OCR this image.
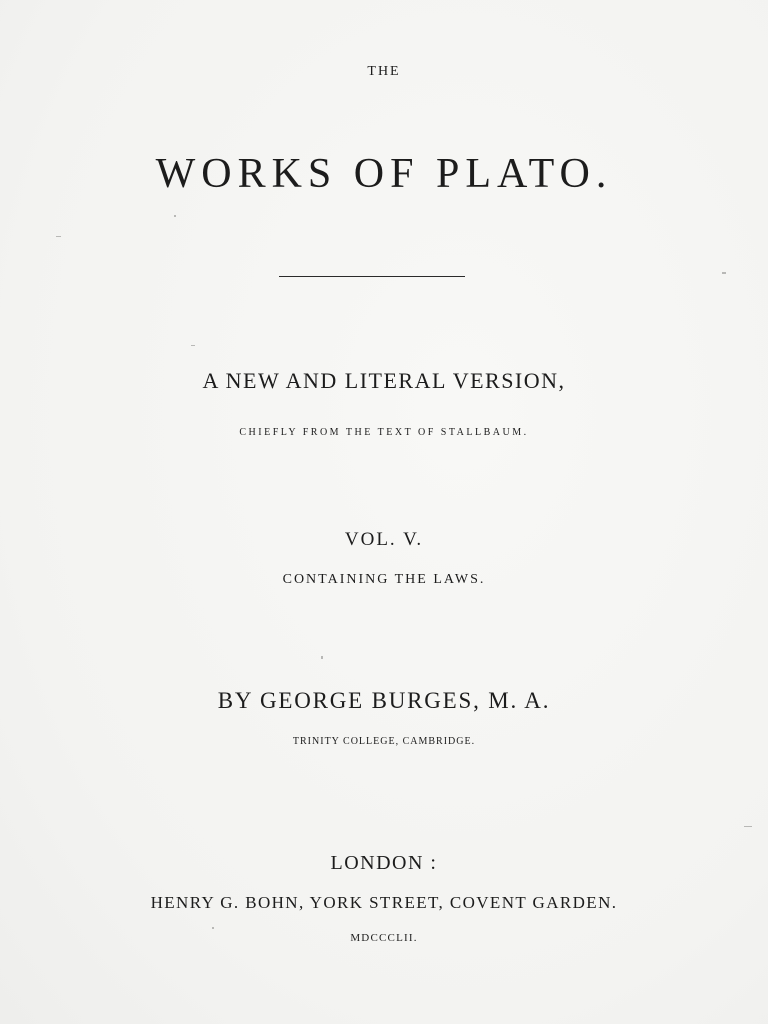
THE
WORKS OF PLATO.
A NEW AND LITERAL VERSION,
CHIEFLY FROM THE TEXT OF STALLBAUM.
VOL. V.
CONTAINING THE LAWS.
BY GEORGE BURGES, M. A.
TRINITY COLLEGE, CAMBRIDGE.
LONDON :
HENRY G. BOHN, YORK STREET, COVENT GARDEN.
MDCCCLII.
